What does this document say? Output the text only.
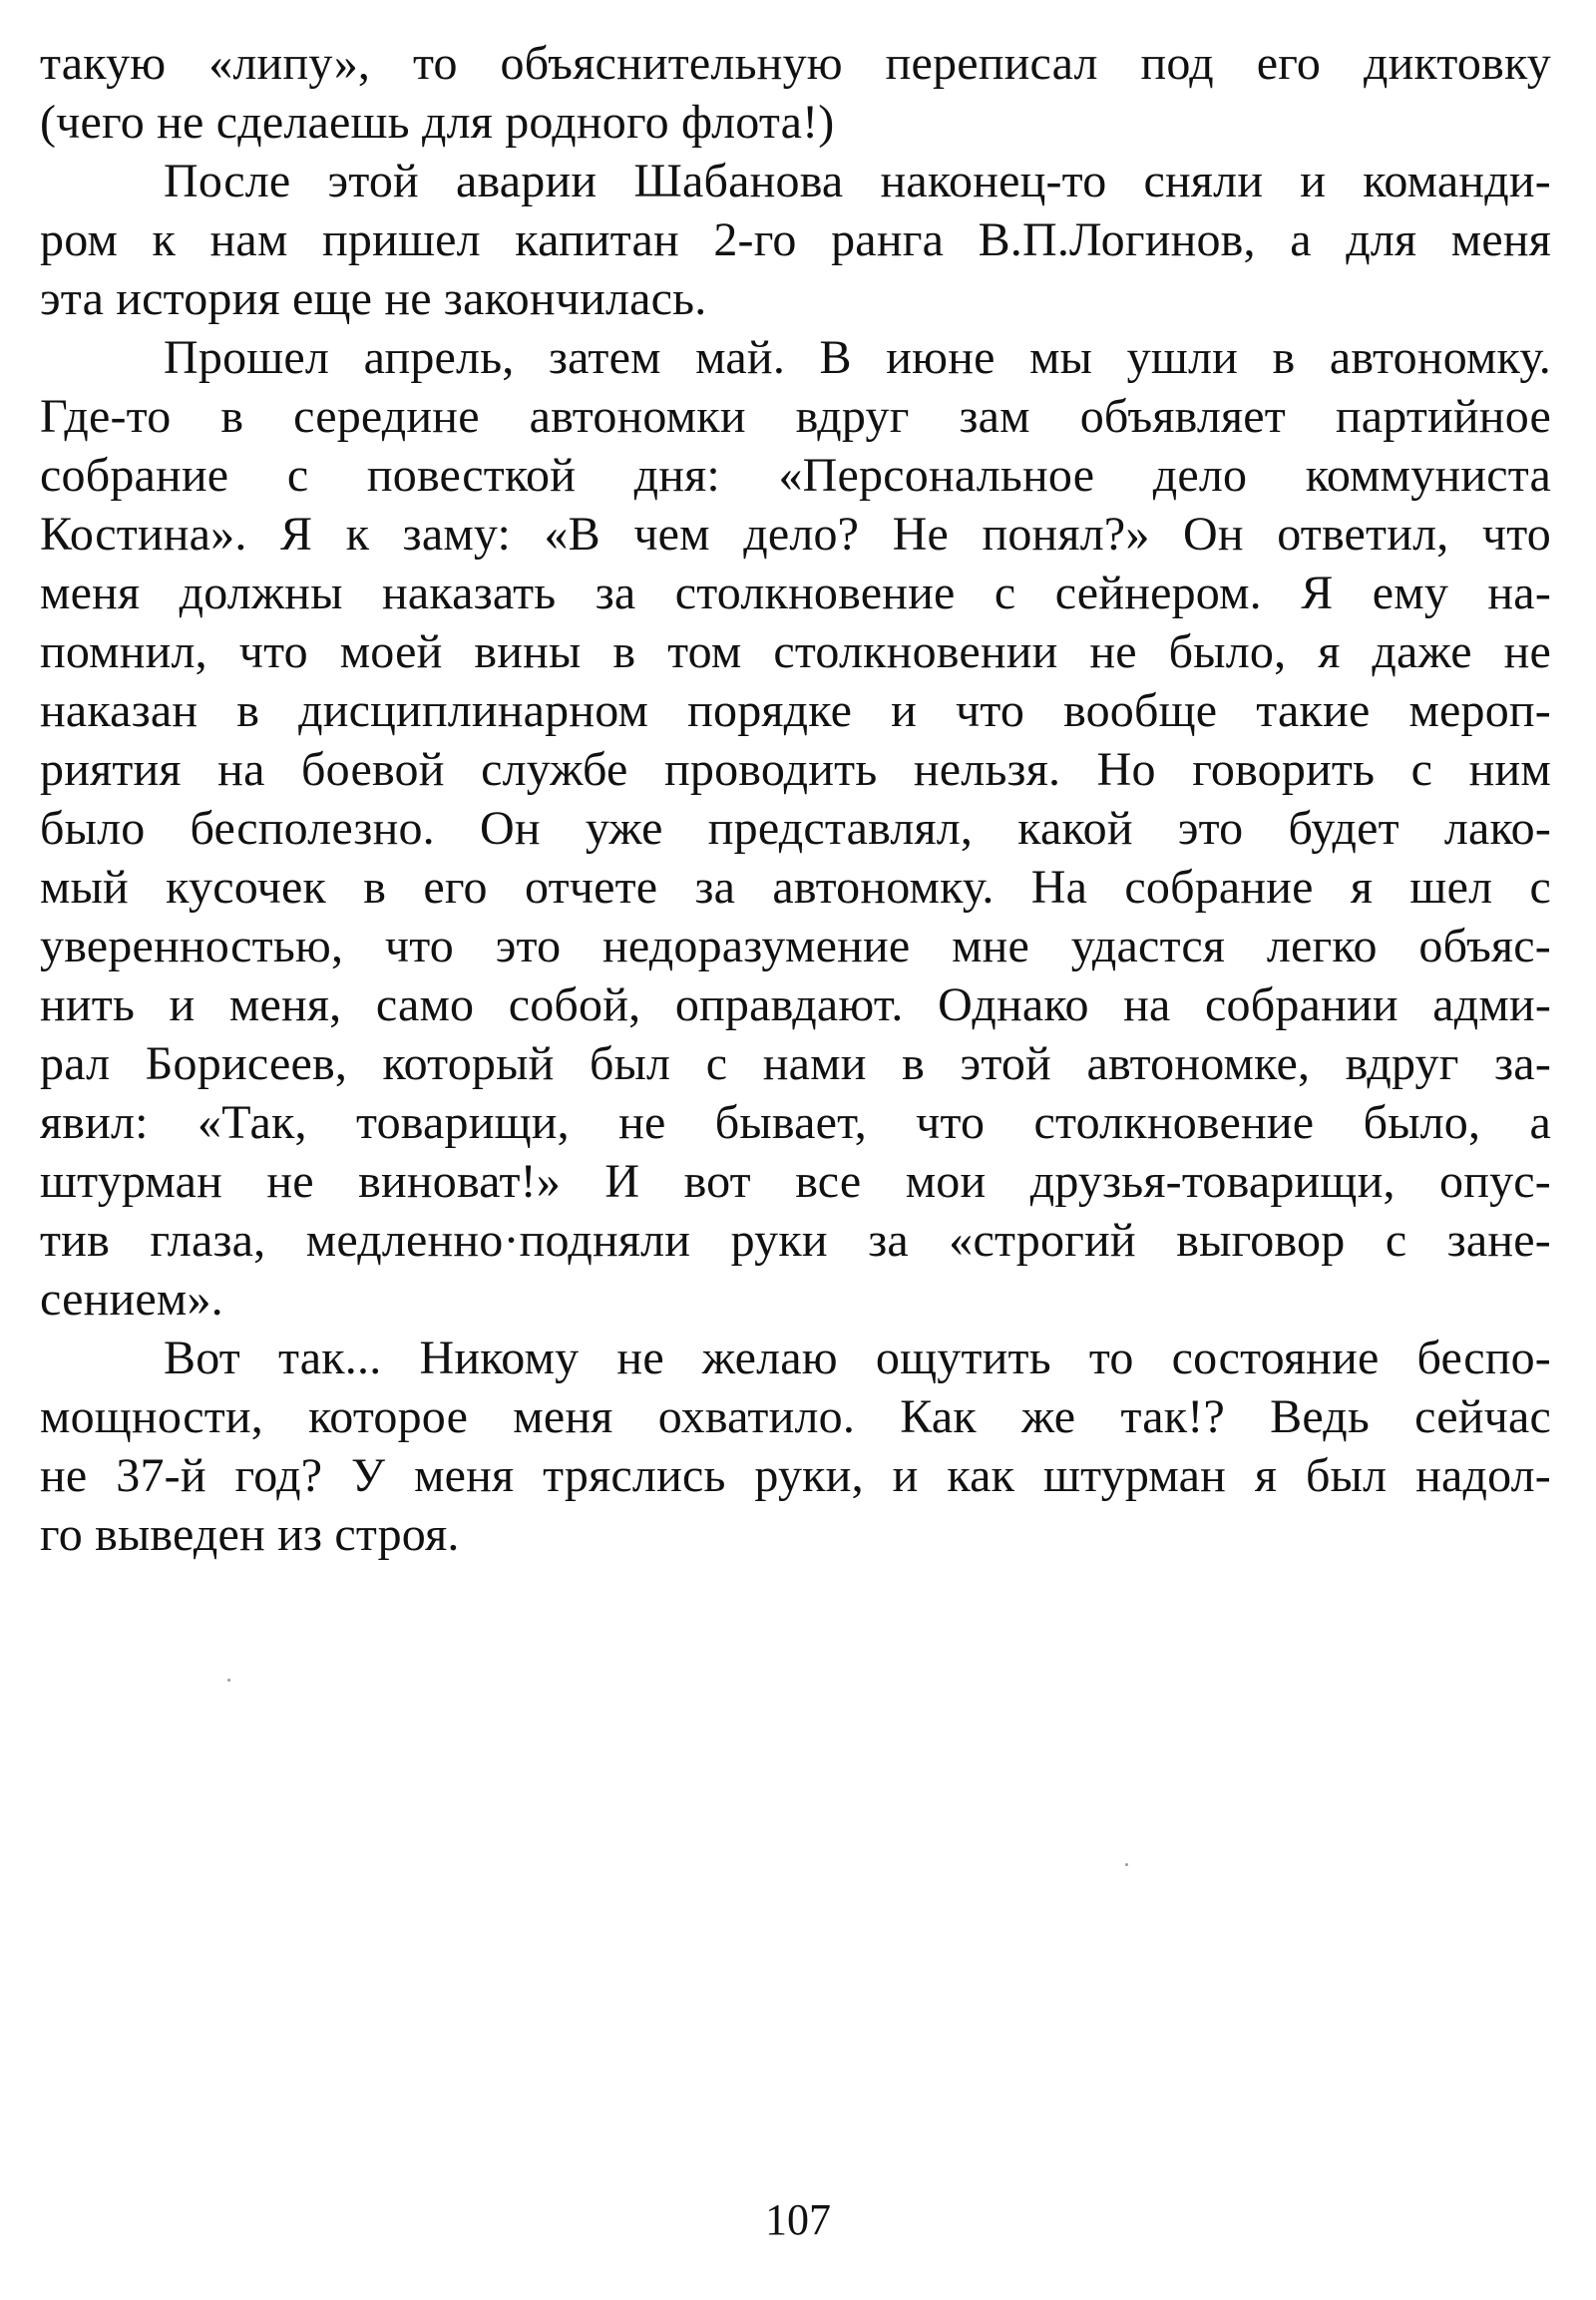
такую «липу», то объяснительную переписал под его диктовку
(чего не сделаешь для родного флота!)
После этой аварии Шабанова наконец-то сняли и команди-
ром к нам пришел капитан 2-го ранга В.П.Логинов, а для меня
эта история еще не закончилась.
Прошел апрель, затем май. В июне мы ушли в автономку.
Где-то в середине автономки вдруг зам объявляет партийное
собрание с повесткой дня: «Персональное дело коммуниста
Костина». Я к заму: «В чем дело? Не понял?» Он ответил, что
меня должны наказать за столкновение с сейнером. Я ему на-
помнил, что моей вины в том столкновении не было, я даже не
наказан в дисциплинарном порядке и что вообще такие мероп-
риятия на боевой службе проводить нельзя. Но говорить с ним
было бесполезно. Он уже представлял, какой это будет лако-
мый кусочек в его отчете за автономку. На собрание я шел с
уверенностью, что это недоразумение мне удастся легко объяс-
нить и меня, само собой, оправдают. Однако на собрании адми-
рал Борисеев, который был с нами в этой автономке, вдруг за-
явил: «Так, товарищи, не бывает, что столкновение было, а
штурман не виноват!» И вот все мои друзья-товарищи, опус-
тив глаза, медленно·подняли руки за «строгий выговор с зане-
сением».
Вот так... Никому не желаю ощутить то состояние беспо-
мощности, которое меня охватило. Как же так!? Ведь сейчас
не 37-й год? У меня тряслись руки, и как штурман я был надол-
го выведен из строя.
107
